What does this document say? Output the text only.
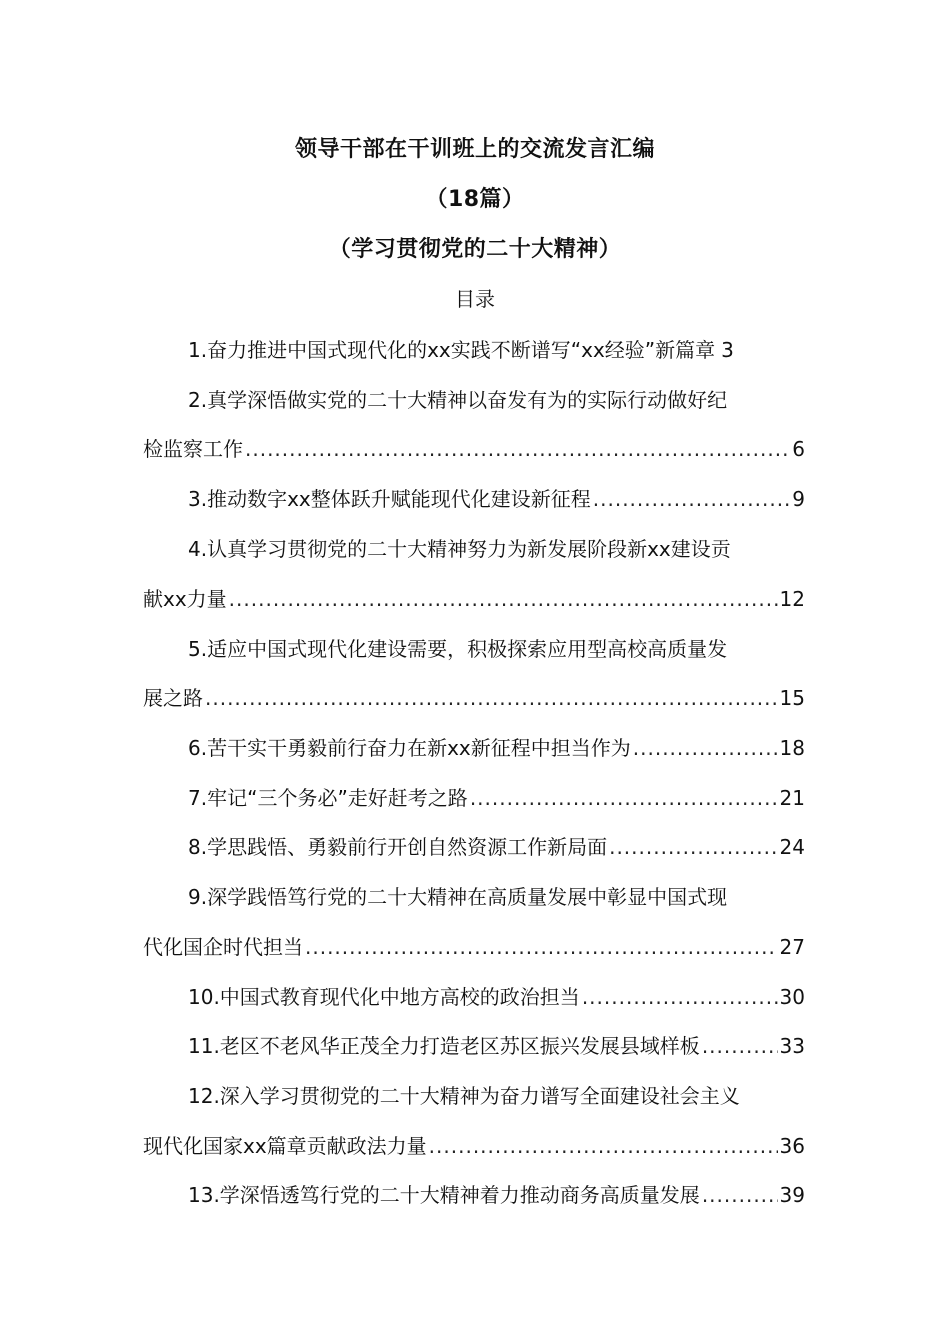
领导干部在干训班上的交流发言汇编
（18篇）
（学习贯彻党的二十大精神）
目录
1.奋力推进中国式现代化的xx实践不断谱写“xx经验”新篇章 3
2.真学深悟做实党的二十大精神以奋发有为的实际行动做好纪
检监察工作 .....	6
3.推动数字xx整体跃升赋能现代化建设新征程 .....	9
4.认真学习贯彻党的二十大精神努力为新发展阶段新xx建设贡
献xx力量 .....	12
5.适应中国式现代化建设需要，积极探索应用型高校高质量发
展之路 .....	15
6.苦干实干勇毅前行奋力在新xx新征程中担当作为 .....	18
7.牢记“三个务必”走好赶考之路 .....	21
8.学思践悟、勇毅前行开创自然资源工作新局面 .....	24
9.深学践悟笃行党的二十大精神在高质量发展中彰显中国式现
代化国企时代担当 .....	27
10.中国式教育现代化中地方高校的政治担当 .....	30
11.老区不老风华正茂全力打造老区苏区振兴发展县域样板 .....	33
12.深入学习贯彻党的二十大精神为奋力谱写全面建设社会主义
现代化国家xx篇章贡献政法力量 .....	36
13.学深悟透笃行党的二十大精神着力推动商务高质量发展 .....	39
